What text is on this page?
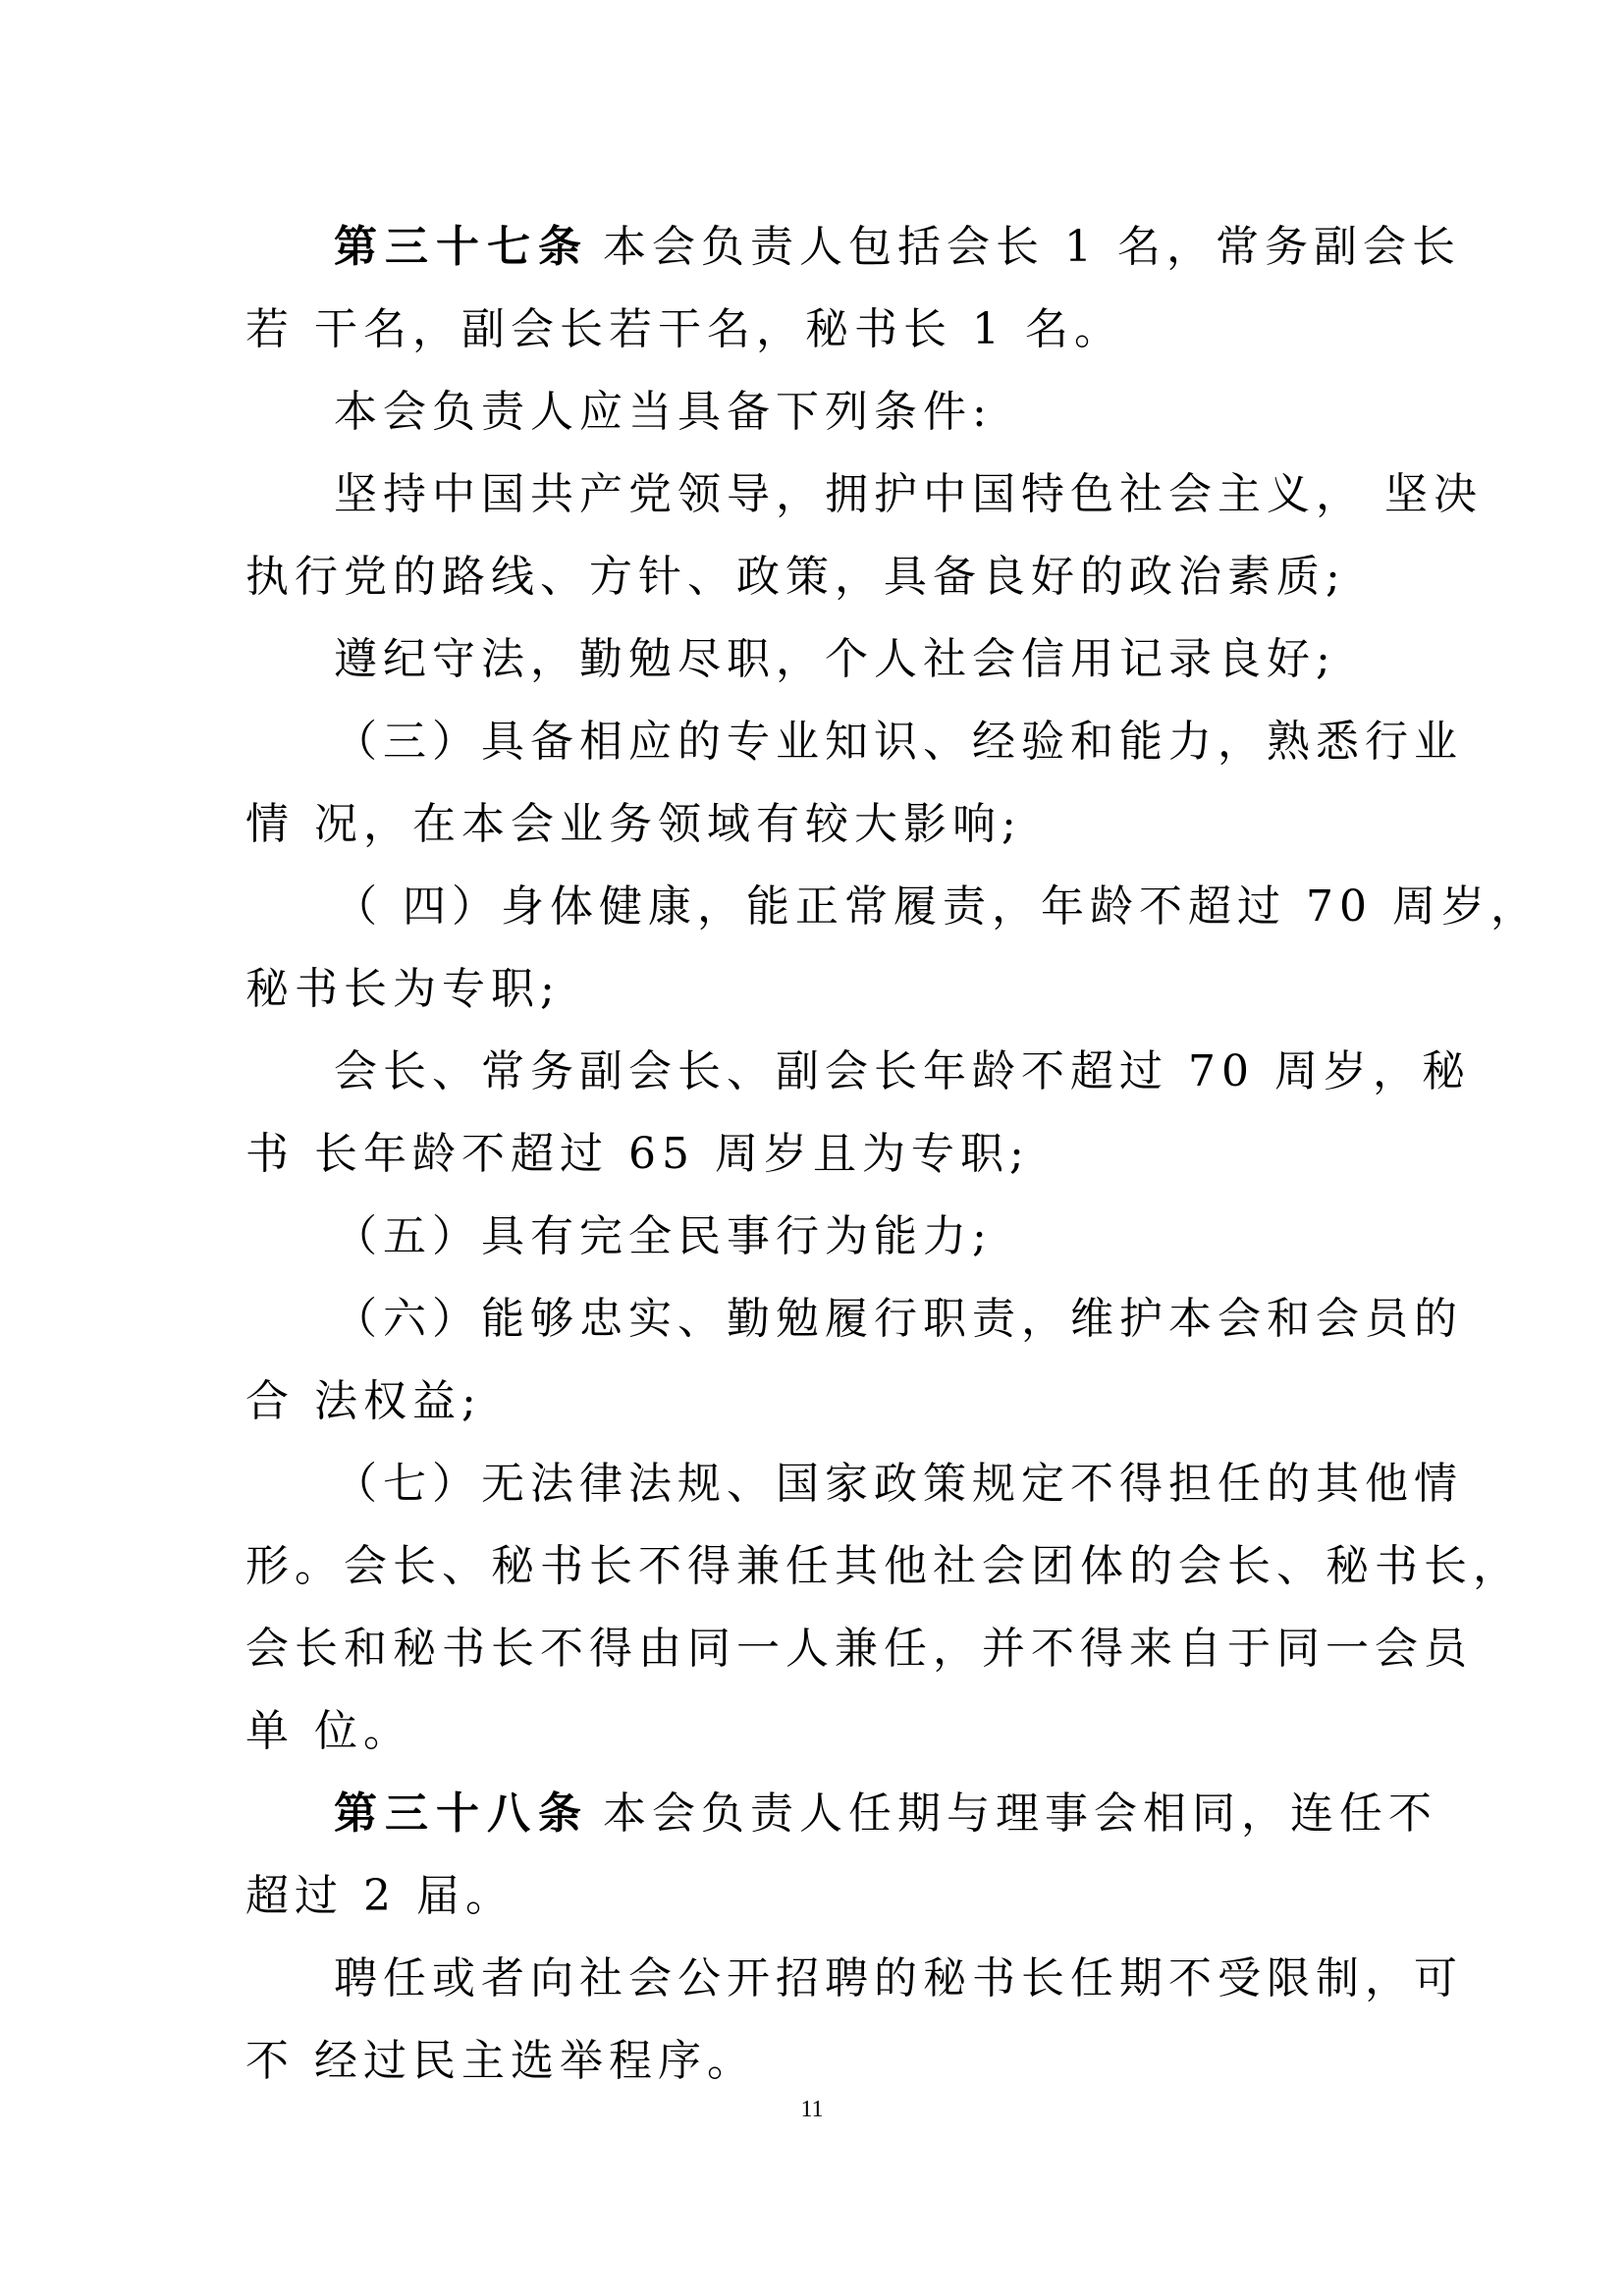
第三十七条 本会负责人包括会长 1 名，常务副会长
若 干名，副会长若干名，秘书长 1 名。
本会负责人应当具备下列条件:
坚持中国共产党领导，拥护中国特色社会主义， 坚决
执行党的路线、方针、政策，具备良好的政治素质;
遵纪守法，勤勉尽职，个人社会信用记录良好;
（三）具备相应的专业知识、经验和能力，熟悉行业
情 况，在本会业务领域有较大影响;
（ 四）身体健康，能正常履责，年龄不超过 70 周岁，
秘书长为专职;
会长、常务副会长、副会长年龄不超过 70 周岁，秘
书 长年龄不超过 65 周岁且为专职;
（五）具有完全民事行为能力;
（六）能够忠实、勤勉履行职责，维护本会和会员的
合 法权益;
（七）无法律法规、国家政策规定不得担任的其他情
形。会长、秘书长不得兼任其他社会团体的会长、秘书长，
会长和秘书长不得由同一人兼任，并不得来自于同一会员
单 位。
第三十八条 本会负责人任期与理事会相同，连任不
超过 2 届。
聘任或者向社会公开招聘的秘书长任期不受限制，可
不 经过民主选举程序。
11
